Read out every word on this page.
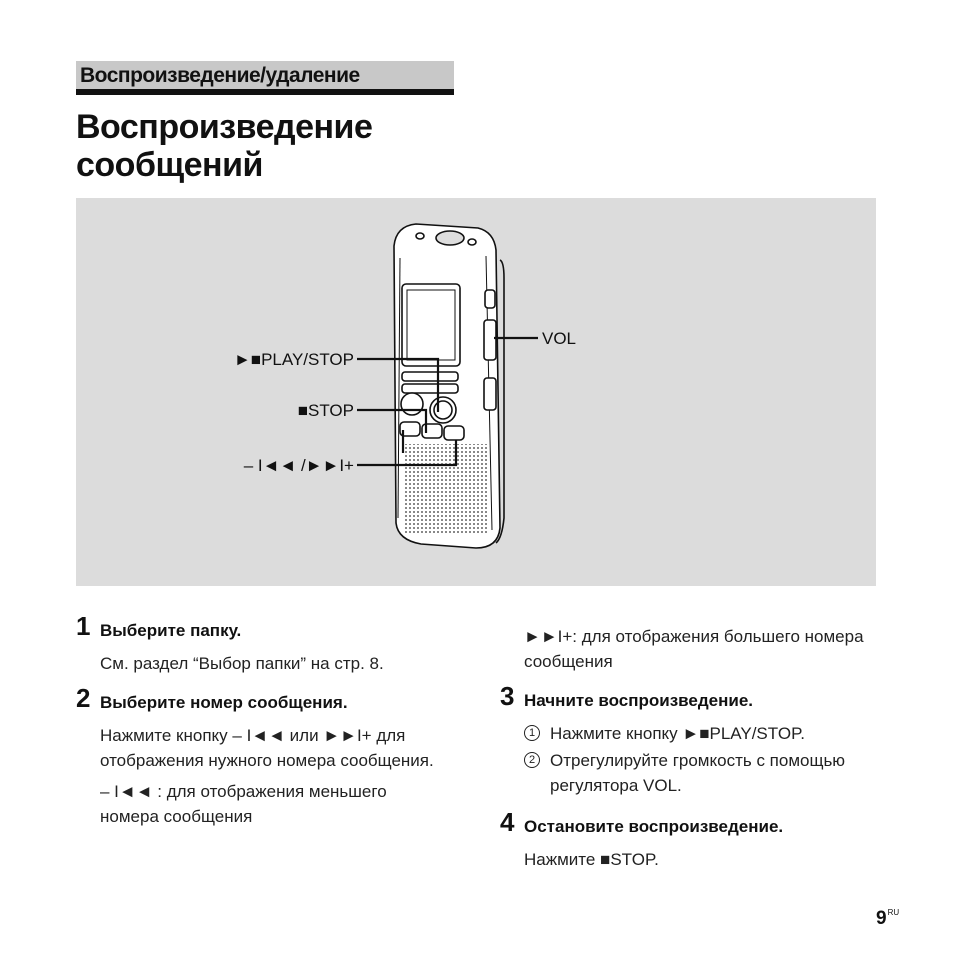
Воспроизведение/удаление
Воспроизведение
сообщений
►■PLAY/STOP
■STOP
– I◄◄ /►►I+
VOL
1 Выберите папку.

См. раздел “Выбор папки” на стр. 8.

2 Выберите номер сообщения.

Нажмите кнопку – I◄◄ или ►►I+ для отображения нужного номера сообщения.

– I◄◄ : для отображения меньшего номера сообщения

►►I+: для отображения большего номера сообщения

3 Начните воспроизведение.
1 Нажмите кнопку ►■PLAY/STOP.
2 Отрегулируйте громкость с помощью регулятора VOL.
4 Остановите воспроизведение.

Нажмите ■STOP.

$9^{RU}$
